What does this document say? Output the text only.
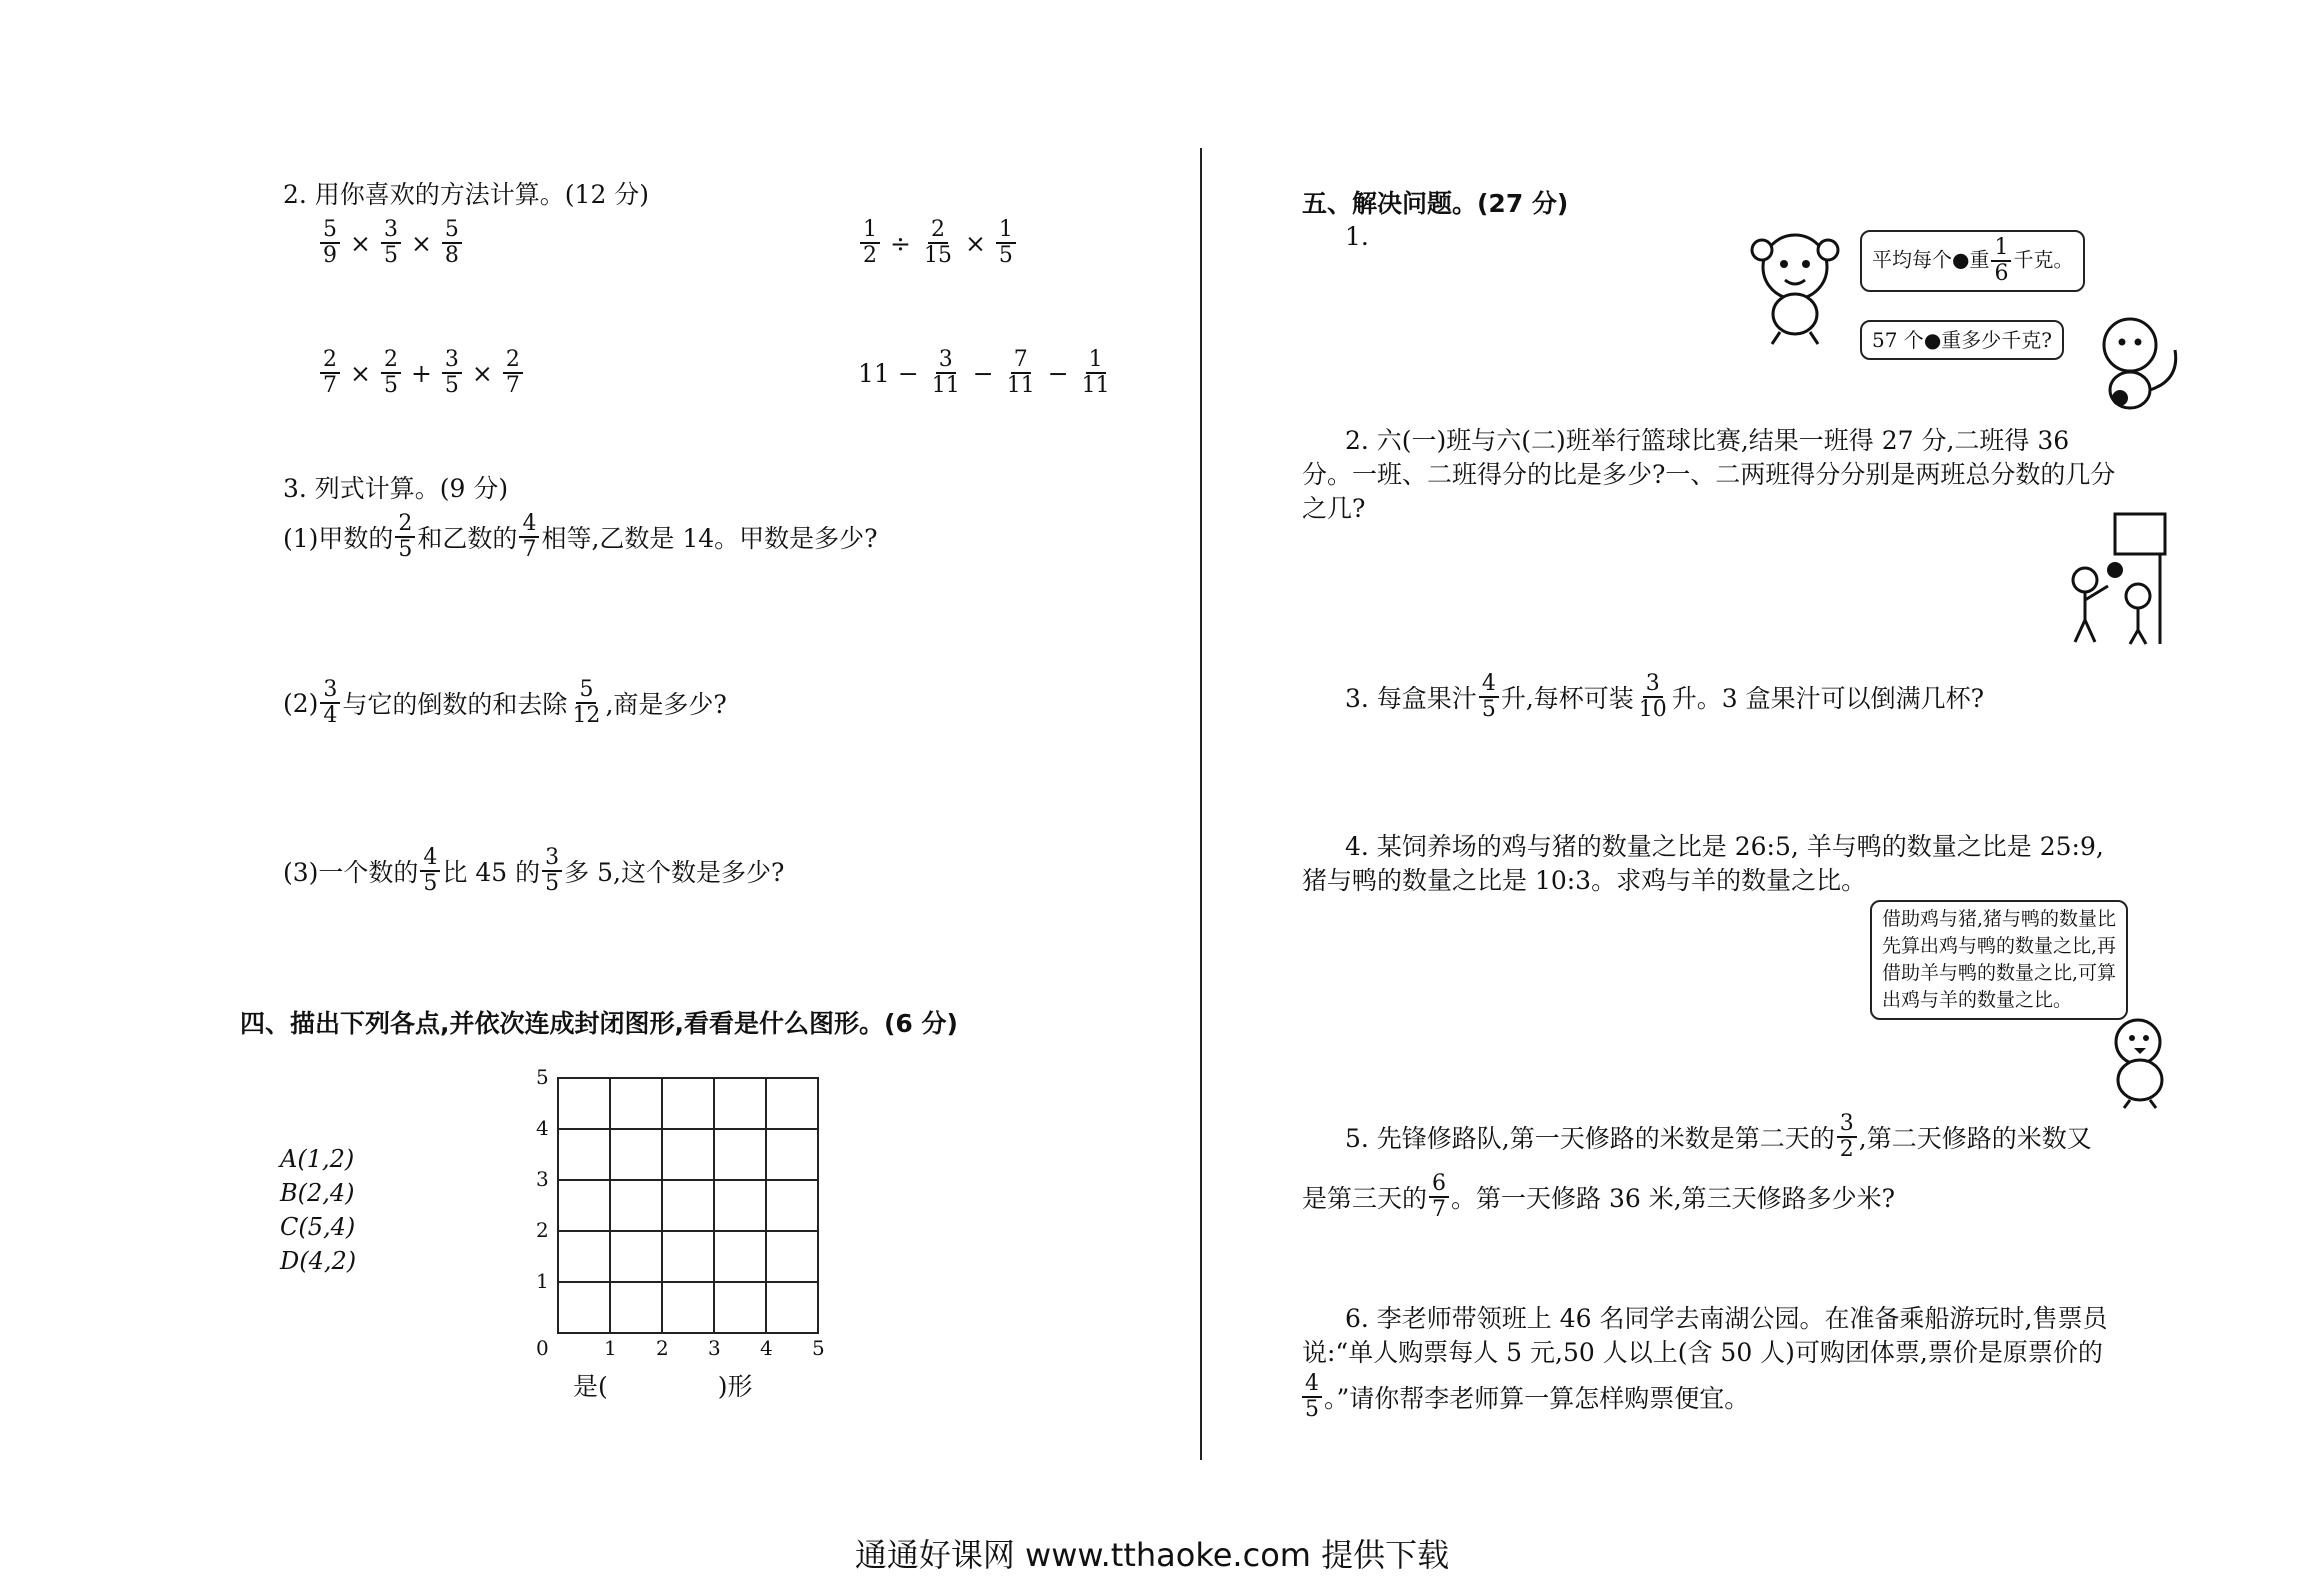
2. 用你喜欢的方法计算。(12 分)
$\frac{5}{9} \times \frac{3}{5} \times \frac{5}{8}$	$\frac{1}{2} \div \frac{2}{15} \times \frac{1}{5}$
$\frac{2}{7} \times \frac{2}{5} + \frac{3}{5} \times \frac{2}{7}$	$11 - \frac{3}{11} - \frac{7}{11} - \frac{1}{11}$
3. 列式计算。(9 分)
(1)甲数的 $\frac{2}{5}$ 和乙数的 $\frac{4}{7}$ 相等,乙数是 14。甲数是多少?
$(2) \frac{3}{4}$ 与它的倒数的和去除 $\frac{5}{12}$ ,商是多少?
(3)一个数的 $\frac{4}{5}$ 比 45 的 $\frac{3}{5}$ 多 5,这个数是多少?
四、描出下列各点,并依次连成封闭图形,看看是什么图形。(6 分)
A(1,2)
B(2,4)
C(5,4)
D(4,2)
5
4
3
2
1
0	1 2 3 4 5
是(	)形
五、解决问题。(27 分)
1.
平均每个●重 $\frac{1}{6}$ 千克。
57 个●重多少千克?
2. 六(一)班与六(二)班举行篮球比赛,结果一班得 27 分,二班得 36
分。一班、二班得分的比是多少?一、二两班得分分别是两班总分数的几分
之几?
3. 每盒果汁 $\frac{4}{5}$ 升,每杯可装 $\frac{3}{10}$ 升。3 盒果汁可以倒满几杯?
4. 某饲养场的鸡与猪的数量之比是 26:5, 羊与鸭的数量之比是 25:9,
猪与鸭的数量之比是 10:3。求鸡与羊的数量之比。
借助鸡与猪,猪与鸭的数量比
先算出鸡与鸭的数量之比,再
借助羊与鸭的数量之比,可算
出鸡与羊的数量之比。
5. 先锋修路队,第一天修路的米数是第二天的 $\frac{3}{2}$ ,第二天修路的米数又
是第三天的 $\frac{6}{7}$ 。第一天修路 36 米,第三天修路多少米?
6. 李老师带领班上 46 名同学去南湖公园。在准备乘船游玩时,售票员
说:“单人购票每人 5 元,50 人以上(含 50 人)可购团体票,票价是原票价的
$\frac{4}{5}$ 。”请你帮李老师算一算怎样购票便宜。
通通好课网 www.tthaoke.com 提供下载
